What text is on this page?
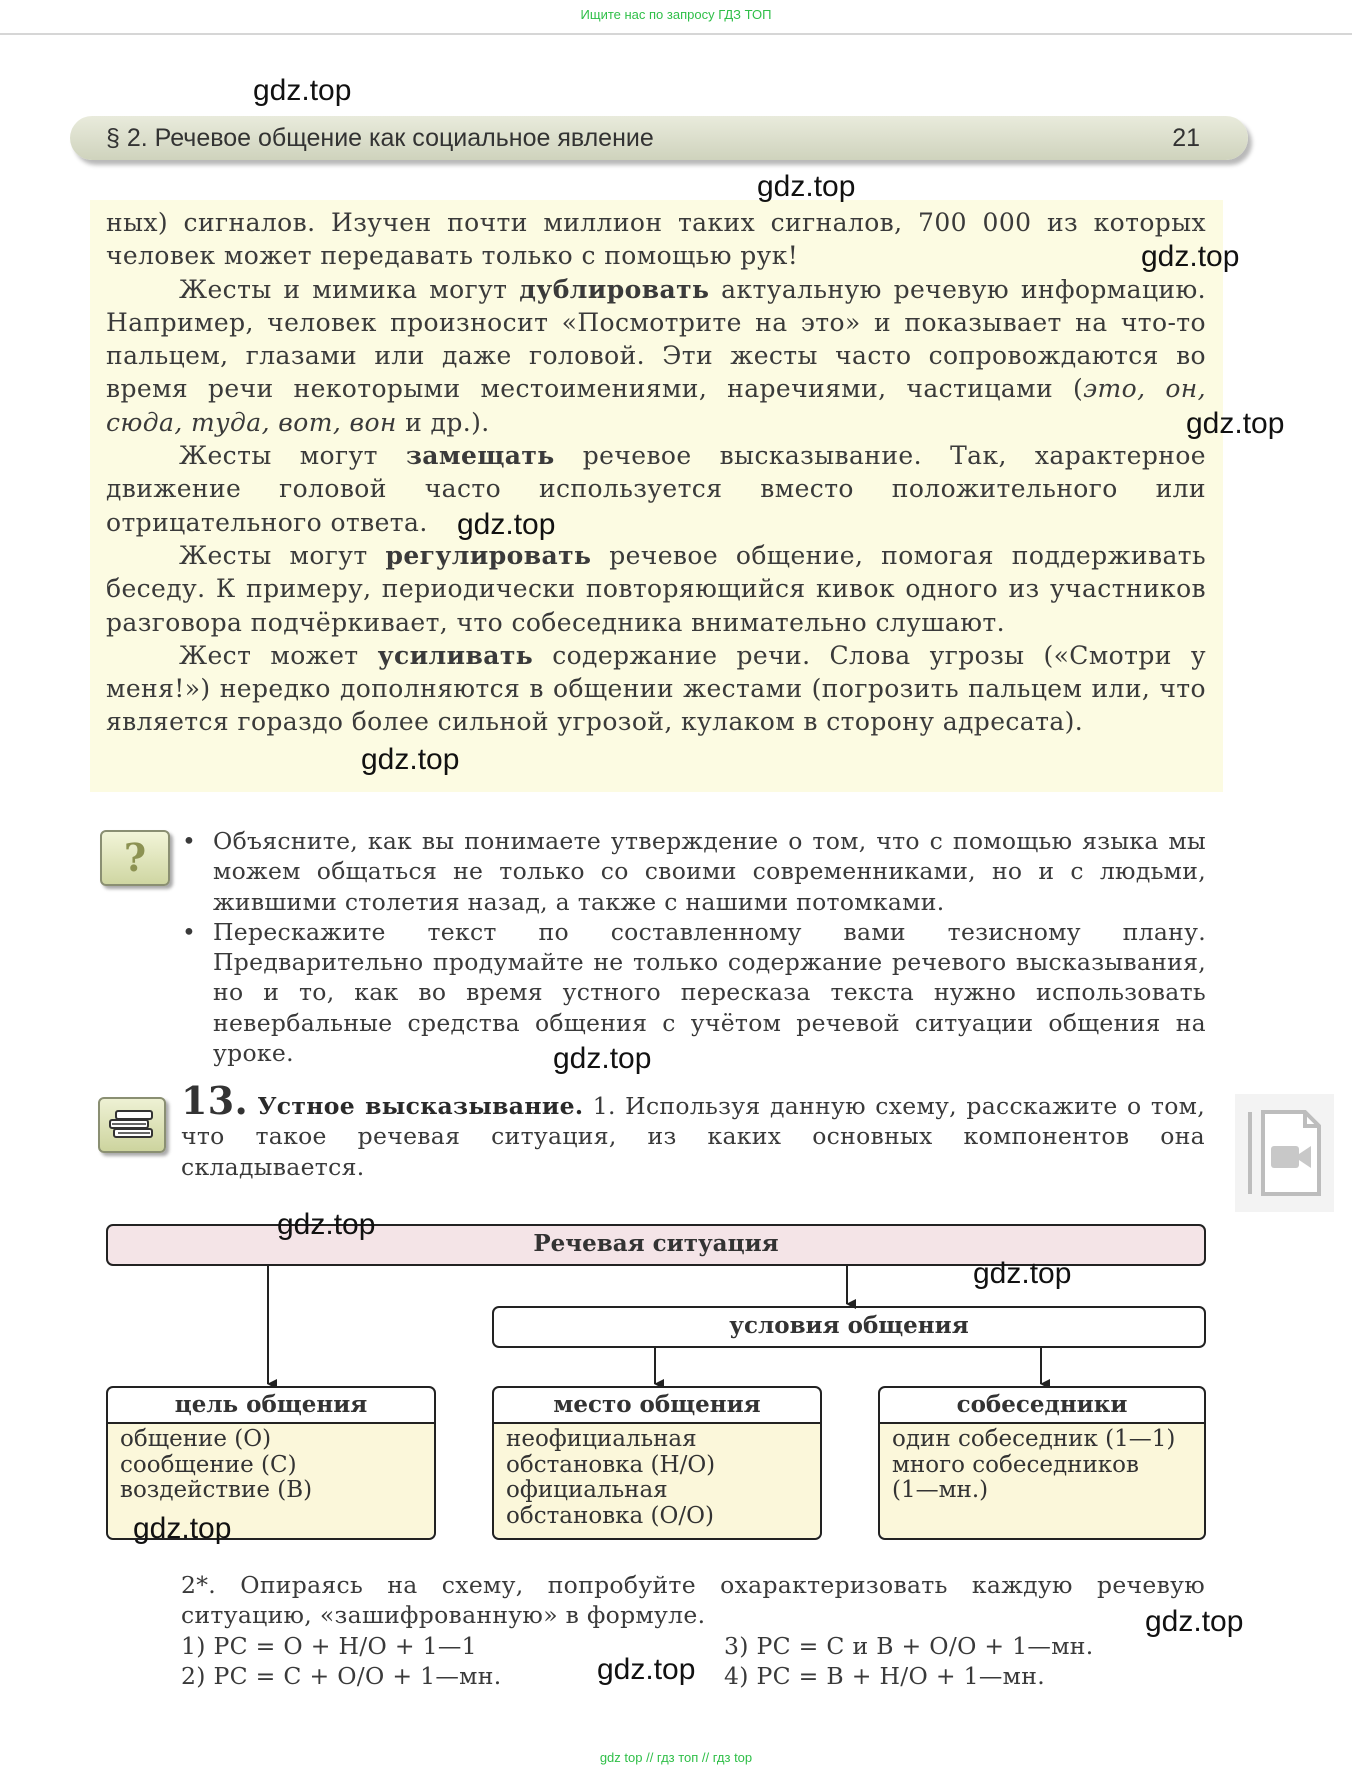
Ищите нас по запросу ГДЗ ТОП
§ 2. Речевое общение как социальное явление	21

ных) сигналов. Изучен почти миллион таких сигналов, 700 000 из которых человек может передавать только с помощью рук!

Жесты и мимика могут дублировать актуальную речевую информацию. Например, человек произносит «Посмотрите на это» и показывает на что-то пальцем, глазами или даже головой. Эти жесты часто сопровождаются во время речи некоторыми местоимениями, наречиями, частицами (это, он, сюда, туда, вот, вон и др.).

Жесты могут замещать речевое высказывание. Так, характерное движение головой часто используется вместо положительного или отрицательного ответа.

Жесты могут регулировать речевое общение, помогая поддерживать беседу. К примеру, периодически повторяющийся кивок одного из участников разговора подчёркивает, что собеседника внимательно слушают.

Жест может усиливать содержание речи. Слова угрозы («Смотри у меня!») нередко дополняются в общении жестами (погрозить пальцем или, что является гораздо более сильной угрозой, кулаком в сторону адресата).

?	• Объясните, как вы понимаете утверждение о том, что с помощью языка мы можем общаться не только со своими современниками, но и с людьми, жившими столетия назад, а также с нашими потомками.
• Перескажите текст по составленному вами тезисному плану. Предварительно продумайте не только содержание речевого высказывания, но и то, как во время устного пересказа текста нужно использовать невербальные средства общения с учётом речевой ситуации общения на уроке.
13. Устное высказывание. 1. Используя данную схему, расскажите о том, что такое речевая ситуация, из каких основных компонентов она складывается.
Речевая ситуация
условия общения
цель общения
общение (О)
сообщение (С)
воздействие (В)
место общения
неофициальная
обстановка (Н/О)
официальная
обстановка (О/О)
собеседники
один собеседник (1—1)
много собеседников
(1—мн.)
2*. Опираясь на схему, попробуйте охарактеризовать каждую речевую ситуацию, «зашифрованную» в формуле.
1) РС = О + Н/О + 1—1
2) РС = С + О/О + 1—мн.
3) РС = С и В + О/О + 1—мн.
4) РС = В + Н/О + 1—мн.
gdz.top
gdz.top
gdz.top
gdz.top
gdz.top
gdz.top
gdz.top
gdz.top
gdz.top
gdz.top
gdz.top
gdz.top
gdz top // гдз топ // гдз top
